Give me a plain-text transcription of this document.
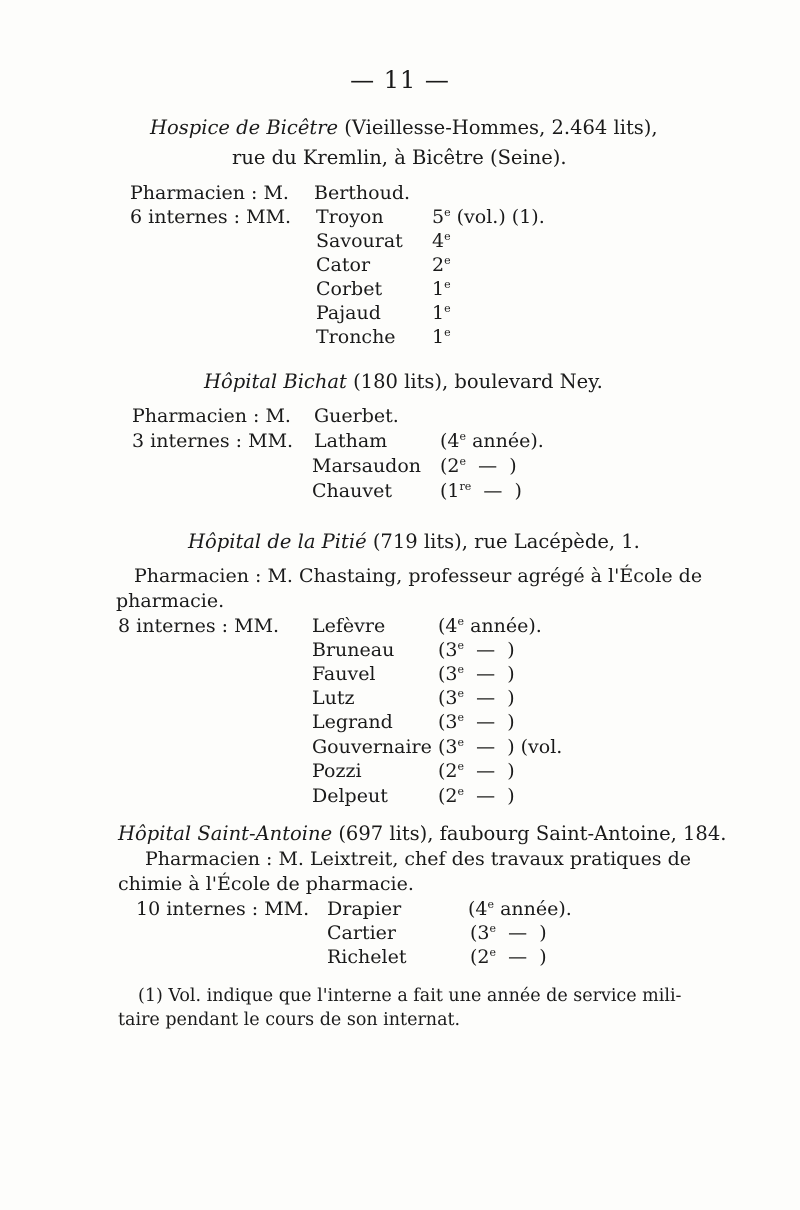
— 11 —
Hospice de Bicêtre (Vieillesse-Hommes, 2.464 lits),
rue du Kremlin, à Bicêtre (Seine).
Pharmacien : M. Berthoud.
6 internes : MM. Troyon	5e (vol.) (1).
Savourat 4e
Cator	2e
Corbet	1e
Pajaud	1e
Tronche 1e
Hôpital Bichat (180 lits), boulevard Ney.
Pharmacien : M. Guerbet.
3 internes : MM. Latham	(4e année).
Marsaudon (2e  —  )
Chauvet	(1re  —  )
Hôpital de la Pitié (719 lits), rue Lacépède, 1.
Pharmacien : M. Chastaing, professeur agrégé à l'École de
pharmacie.
8 internes : MM. Lefèvre	(4e année).
Bruneau (3e  —  )
Fauvel	(3e  —  )
Lutz	(3e  —  )
Legrand (3e  —  )
Gouvernaire (3e  —  ) (vol.
Pozzi	(2e  —  )
Delpeut	(2e  —  )
Hôpital Saint-Antoine (697 lits), faubourg Saint-Antoine, 184.
Pharmacien : M. Leixtreit, chef des travaux pratiques de
chimie à l'École de pharmacie.
10 internes : MM. Drapier	(4e année).
Cartier	(3e  —  )
Richelet	(2e  —  )
(1) Vol. indique que l'interne a fait une année de service mili-
taire pendant le cours de son internat.
